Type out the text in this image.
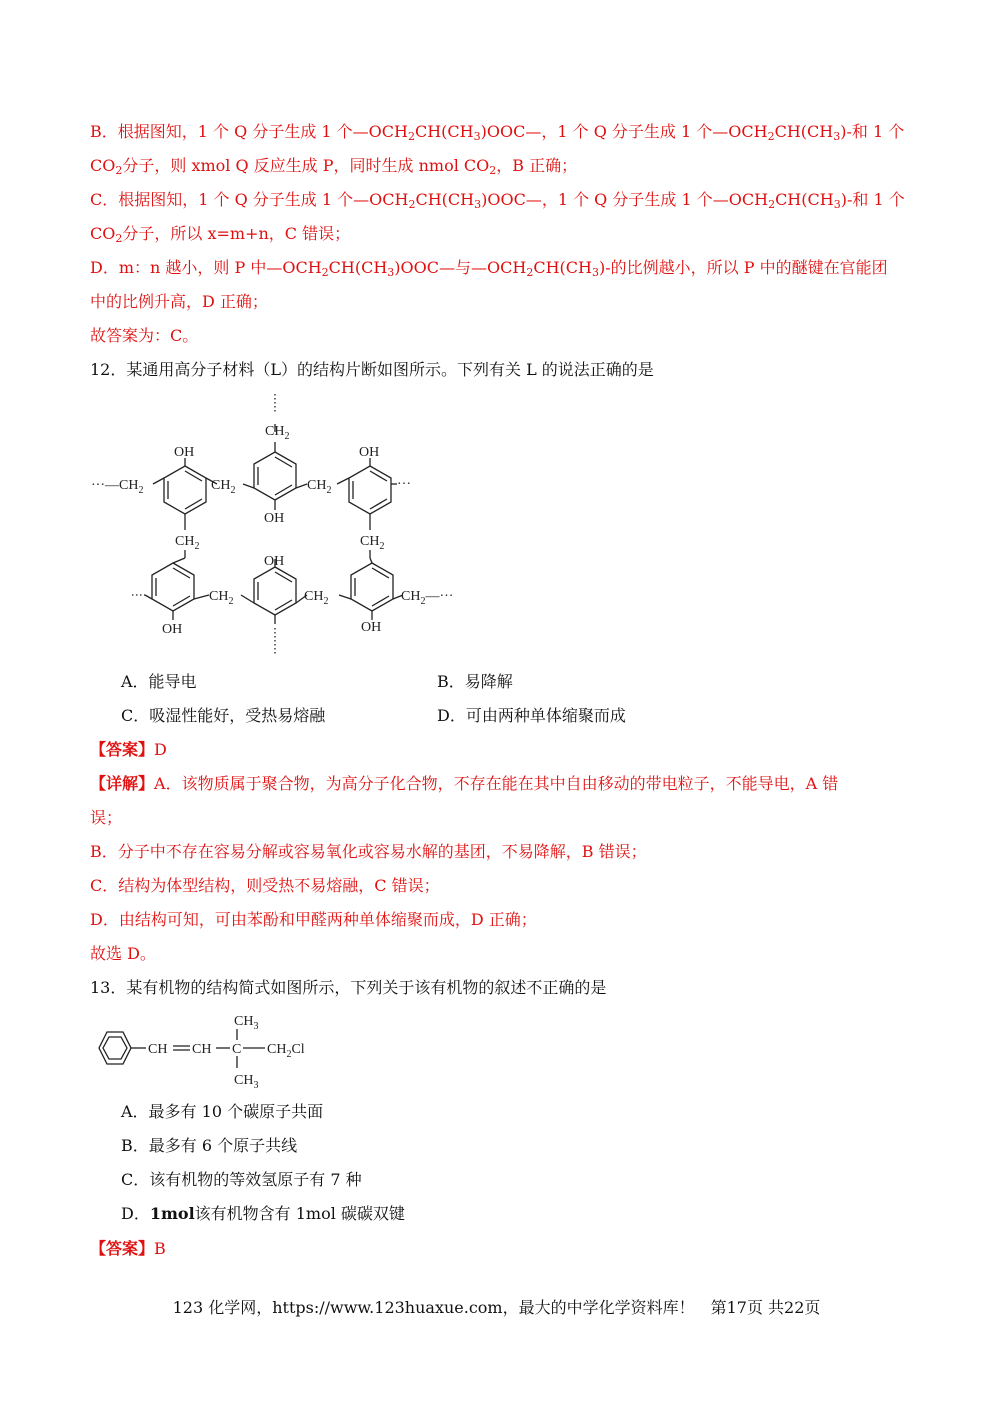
B．根据图知，1 个 Q 分子生成 1 个$—OCH_2CH(CH_3)OOC—$，1 个 Q 分子生成 1 个$—OCH_2CH(CH_3)-$和 1 个
$CO_2$分子，则 xmol Q 反应生成 P，同时生成 nmol $CO_2$，B 正确；
C．根据图知，1 个 Q 分子生成 1 个$—OCH_2CH(CH_3)OOC—$，1 个 Q 分子生成 1 个$—OCH_2CH(CH_3)-$和 1 个
$CO_2$分子，所以 x=m+n，C 错误；
D．m：n 越小，则 P 中$—OCH_2CH(CH_3)OOC—$与$—OCH_2CH(CH_3)-$的比例越小，所以 P 中的醚键在官能团
中的比例升高，D 正确；
故答案为：C。
12．某通用高分子材料（L）的结构片断如图所示。下列有关 L 的说法正确的是
OH	OH
OH
OH
OH	OH
$CH_2$
$CH_2$	$CH_2$
$CH_2$	$CH_2$
$CH_2$	$CH_2$
$\cdot\cdot\cdot—CH_2$	···
$CH_2—\cdot\cdot\cdot$
A．能导电	B．易降解
C．吸湿性能好，受热易熔融	D．可由两种单体缩聚而成
【答案】D
【详解】A．该物质属于聚合物，为高分子化合物，不存在能在其中自由移动的带电粒子，不能导电，A 错
误；
B．分子中不存在容易分解或容易氧化或容易水解的基团，不易降解，B 错误；
C．结构为体型结构，则受热不易熔融，C 错误；
D．由结构可知，可由苯酚和甲醛两种单体缩聚而成，D 正确；
故选 D。
13．某有机物的结构简式如图所示，下列关于该有机物的叙述不正确的是
CH CH C
$CH_3$
$CH_3$
$CH_2Cl$
A．最多有 10 个碳原子共面
B．最多有 6 个原子共线
C．该有机物的等效氢原子有 7 种
D．1mol该有机物含有 1mol 碳碳双键
【答案】B
123 化学网，https://www.123huaxue.com，最大的中学化学资料库！　第17页 共22页
